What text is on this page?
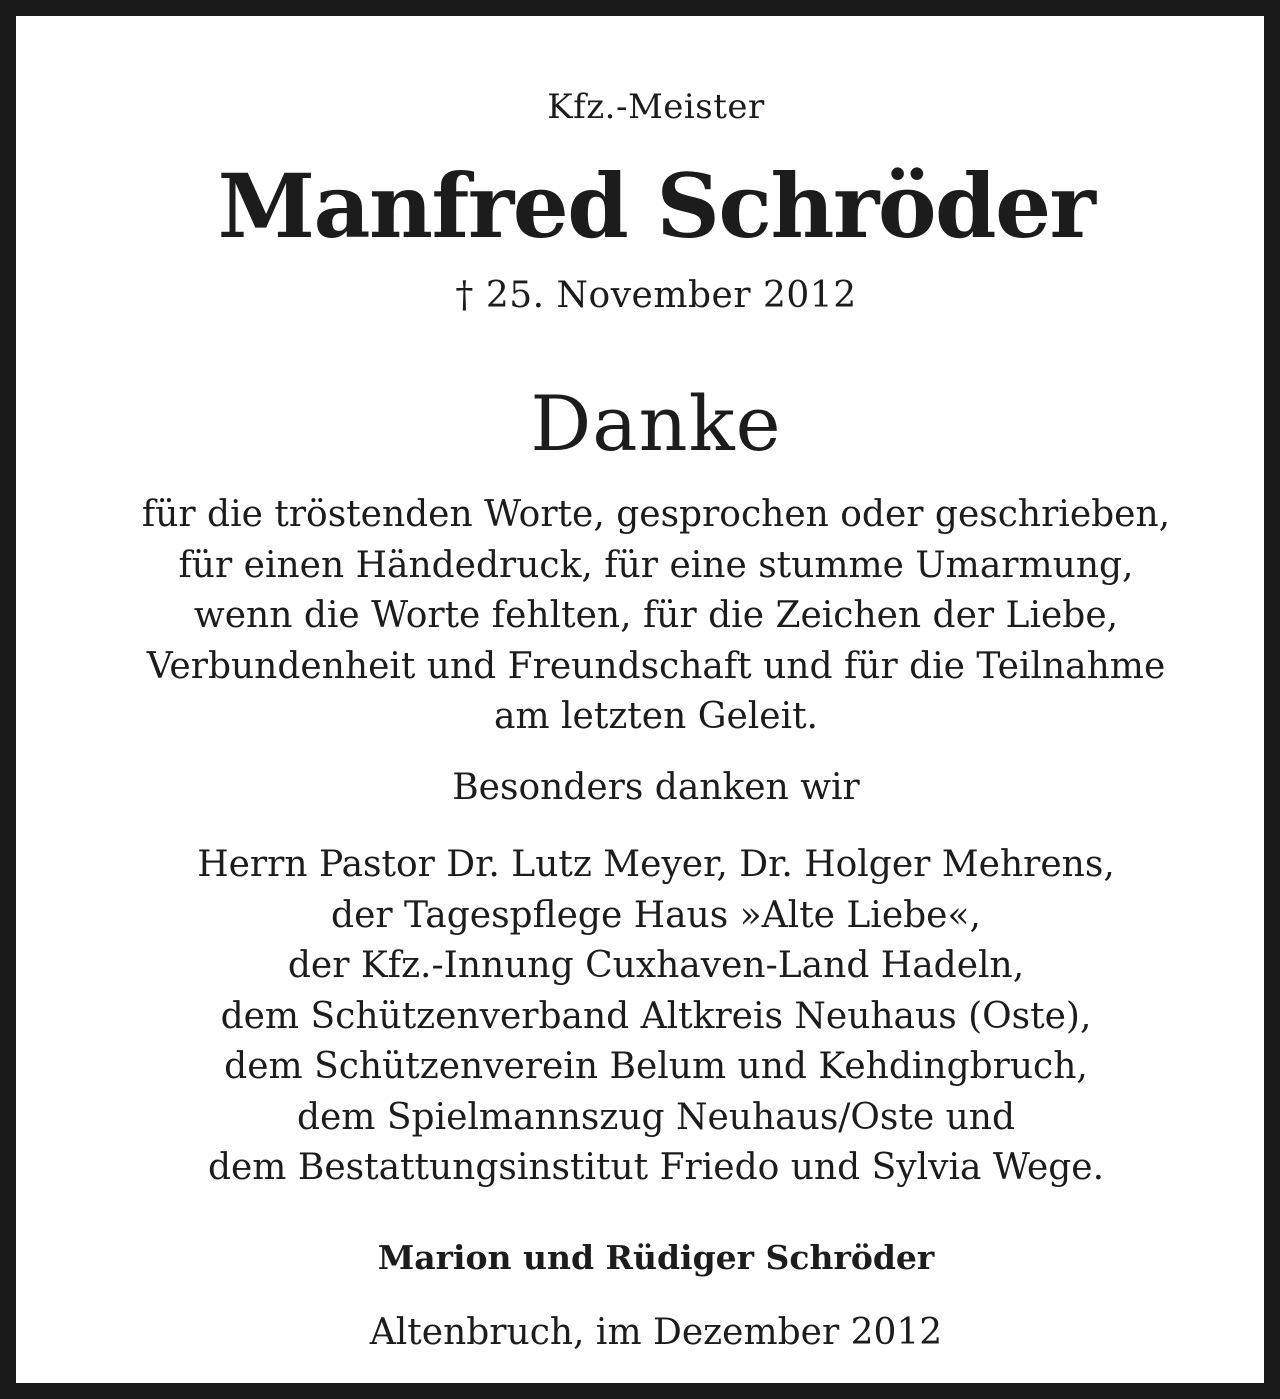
Kfz.-Meister
Manfred Schröder
† 25. November 2012
Danke
für die tröstenden Worte, gesprochen oder geschrieben,
für einen Händedruck, für eine stumme Umarmung,
wenn die Worte fehlten, für die Zeichen der Liebe,
Verbundenheit und Freundschaft und für die Teilnahme
am letzten Geleit.
Besonders danken wir
Herrn Pastor Dr. Lutz Meyer, Dr. Holger Mehrens,
der Tagespflege Haus »Alte Liebe«,
der Kfz.-Innung Cuxhaven-Land Hadeln,
dem Schützenverband Altkreis Neuhaus (Oste),
dem Schützenverein Belum und Kehdingbruch,
dem Spielmannszug Neuhaus/Oste und
dem Bestattungsinstitut Friedo und Sylvia Wege.
Marion und Rüdiger Schröder
Altenbruch, im Dezember 2012
